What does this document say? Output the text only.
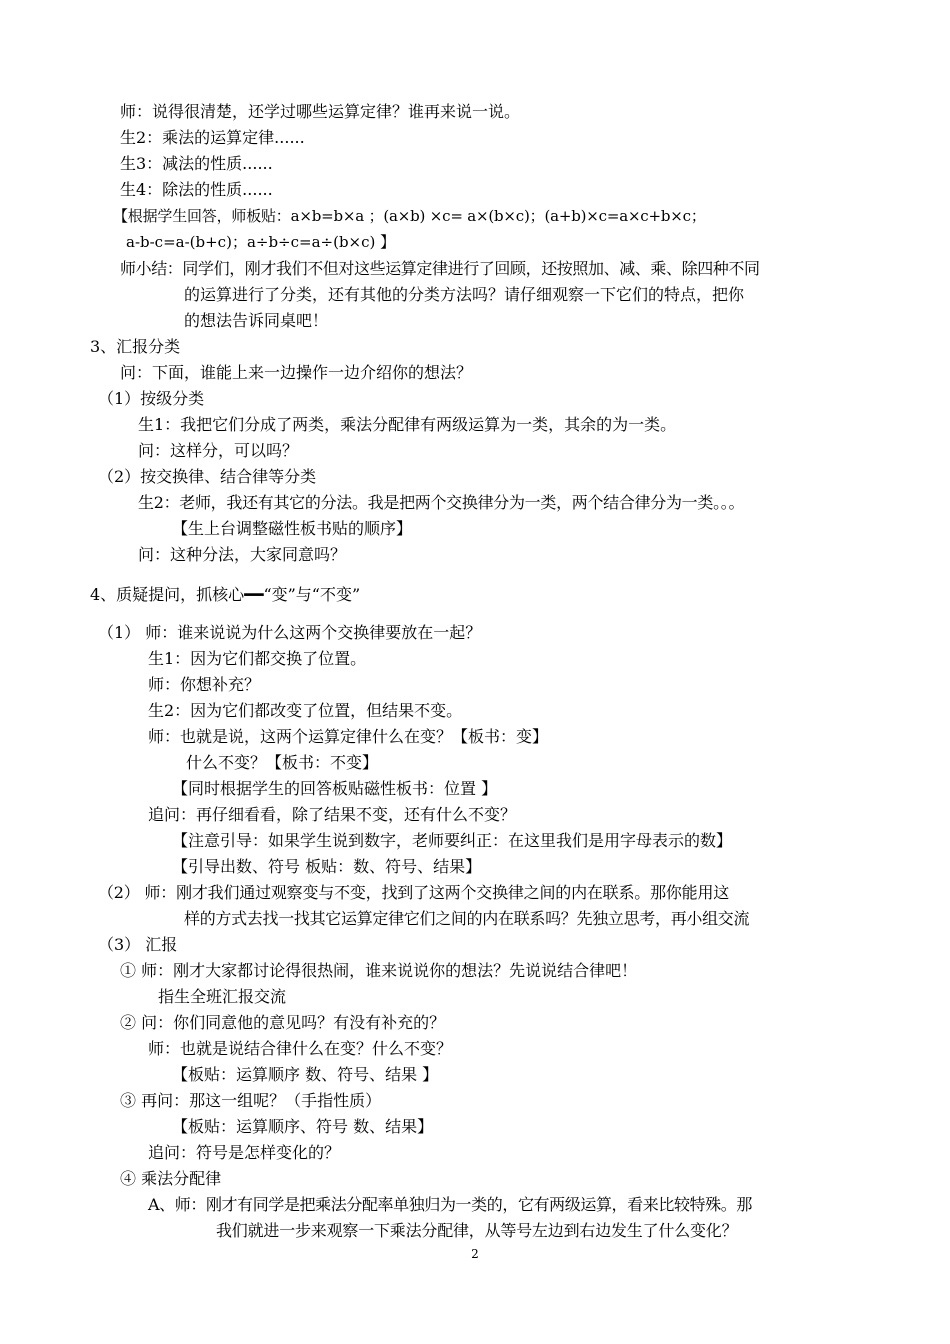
师：说得很清楚，还学过哪些运算定律？谁再来说一说。
生2：乘法的运算定律......
生3：减法的性质......
生4：除法的性质......
【根据学生回答，师板贴：a×b=b×a ；(a×b) ×c= a×(b×c)；(a+b)×c=a×c+b×c；
a-b-c=a-(b+c)；a÷b÷c=a÷(b×c) 】
师小结：同学们，刚才我们不但对这些运算定律进行了回顾，还按照加、减、乘、除四种不同
的运算进行了分类，还有其他的分类方法吗？请仔细观察一下它们的特点，把你
的想法告诉同桌吧！
3、汇报分类
问：下面，谁能上来一边操作一边介绍你的想法？
（1）按级分类
生1：我把它们分成了两类，乘法分配律有两级运算为一类，其余的为一类。
问：这样分，可以吗？
（2）按交换律、结合律等分类
生2：老师，我还有其它的分法。我是把两个交换律分为一类，两个结合律分为一类。。。
【生上台调整磁性板书贴的顺序】
问：这种分法，大家同意吗？
4、质疑提问，抓核心━━“变”与“不变”
（1） 师：谁来说说为什么这两个交换律要放在一起？
生1：因为它们都交换了位置。
师：你想补充？
生2：因为它们都改变了位置，但结果不变。
师：也就是说，这两个运算定律什么在变？【板书：变】
什么不变？【板书：不变】
【同时根据学生的回答板贴磁性板书：位置 】
追问：再仔细看看，除了结果不变，还有什么不变？
【注意引导：如果学生说到数字，老师要纠正：在这里我们是用字母表示的数】
【引导出数、符号 板贴：数、符号、结果】
（2） 师：刚才我们通过观察变与不变，找到了这两个交换律之间的内在联系。那你能用这
样的方式去找一找其它运算定律它们之间的内在联系吗？先独立思考，再小组交流
（3） 汇报
① 师：刚才大家都讨论得很热闹，谁来说说你的想法？先说说结合律吧！
指生全班汇报交流
② 问：你们同意他的意见吗？有没有补充的？
师：也就是说结合律什么在变？什么不变？
【板贴：运算顺序 数、符号、结果 】
③ 再问：那这一组呢？（手指性质）
【板贴：运算顺序、符号 数、结果】
追问：符号是怎样变化的？
④ 乘法分配律
A、师：刚才有同学是把乘法分配率单独归为一类的，它有两级运算，看来比较特殊。那
我们就进一步来观察一下乘法分配律，从等号左边到右边发生了什么变化？
2
